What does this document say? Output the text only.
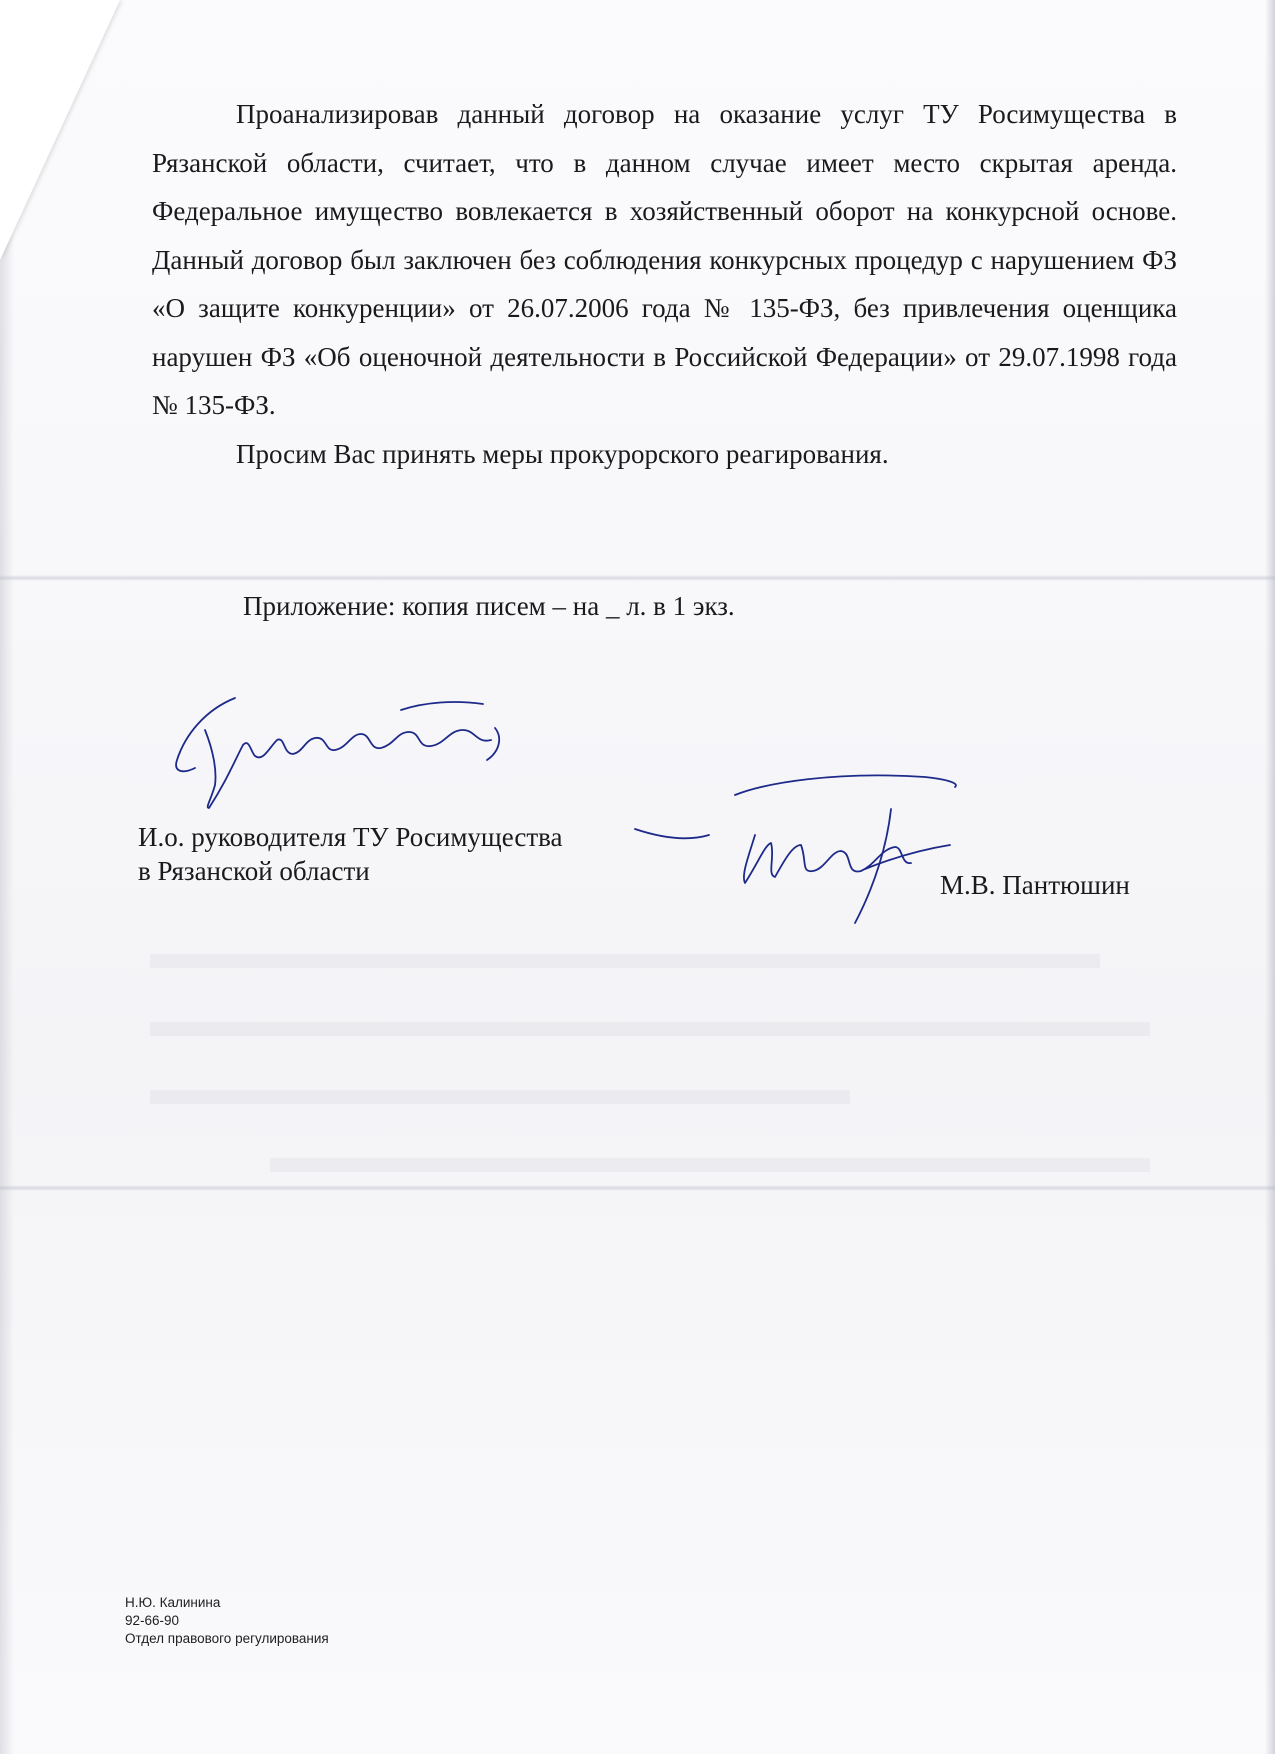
Проанализировав данный договор на оказание услуг ТУ Росимущества в Рязанской области, считает, что в данном случае имеет место скрытая аренда. Федеральное имущество вовлекается в хозяйственный оборот на конкурсной основе. Данный договор был заключен без соблюдения конкурсных процедур с нарушением ФЗ «О защите конкуренции» от 26.07.2006 года № 135-ФЗ, без привлечения оценщика нарушен ФЗ «Об оценочной деятельности в Российской Федерации» от 29.07.1998 года № 135-ФЗ.

Просим Вас принять меры прокурорского реагирования.

Приложение: копия писем – на _ л. в 1 экз.
И.о. руководителя ТУ Росимущества
в Рязанской области	М.В. Пантюшин
Н.Ю. Калинина
92-66-90
Отдел правового регулирования
